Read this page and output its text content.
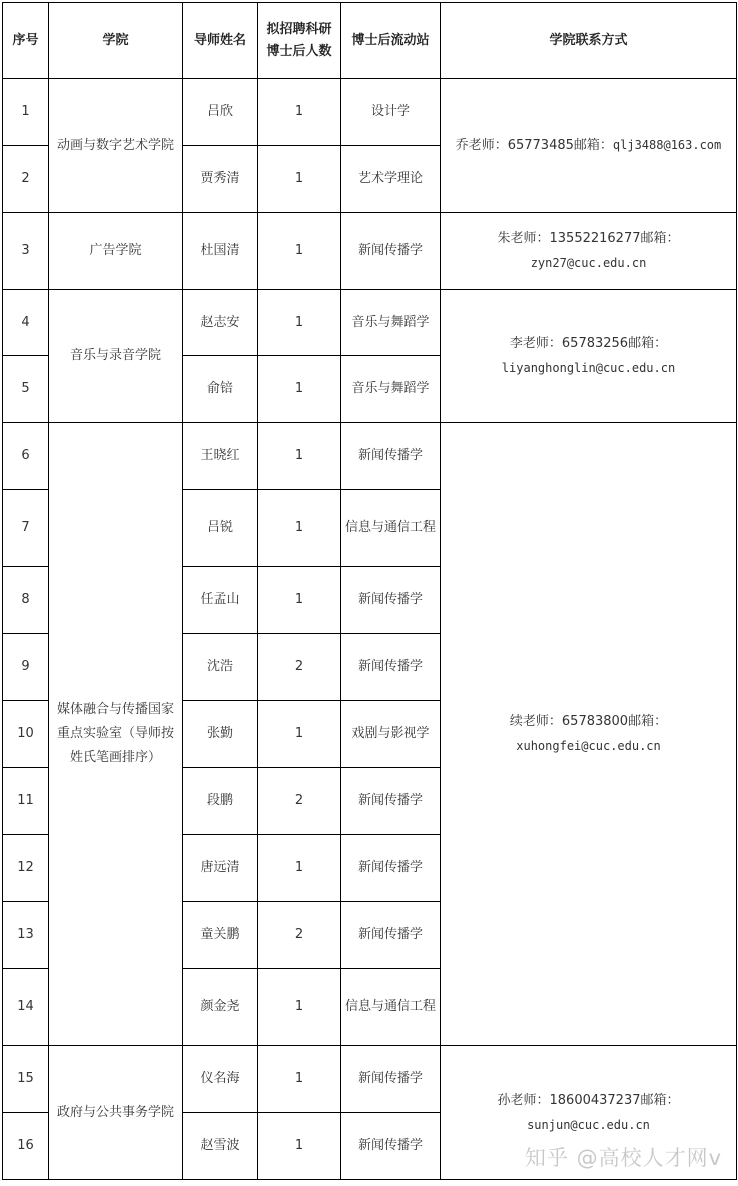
序号	学院	导师姓名	拟招聘科研博士后人数	博士后流动站	学院联系方式
1	动画与数字艺术学院	吕欣	1	设计学	乔老师：65773485邮箱：qlj3488@163.com
2		贾秀清	1	艺术学理论	
3	广告学院	杜国清	1	新闻传播学	朱老师：13552216277邮箱：
zyn27@cuc.edu.cn

4	音乐与录音学院	赵志安	1	音乐与舞蹈学	李老师：65783256邮箱：
liyanghonglin@cuc.edu.cn

5		俞锫	1	音乐与舞蹈学	
6	媒体融合与传播国家重点实验室（导师按姓氏笔画排序）	王晓红	1	新闻传播学	续老师：65783800邮箱：
xuhongfei@cuc.edu.cn

7		吕锐	1	信息与通信工程	
8		任孟山	1	新闻传播学	
9		沈浩	2	新闻传播学	
10		张勤	1	戏剧与影视学	
11		段鹏	2	新闻传播学	
12		唐远清	1	新闻传播学	
13		童关鹏	2	新闻传播学	
14		颜金尧	1	信息与通信工程	
15	政府与公共事务学院	仪名海	1	新闻传播学	孙老师：18600437237邮箱：
sunjun@cuc.edu.cn

16		赵雪波	1	新闻传播学	
知乎 @高校人才网v
